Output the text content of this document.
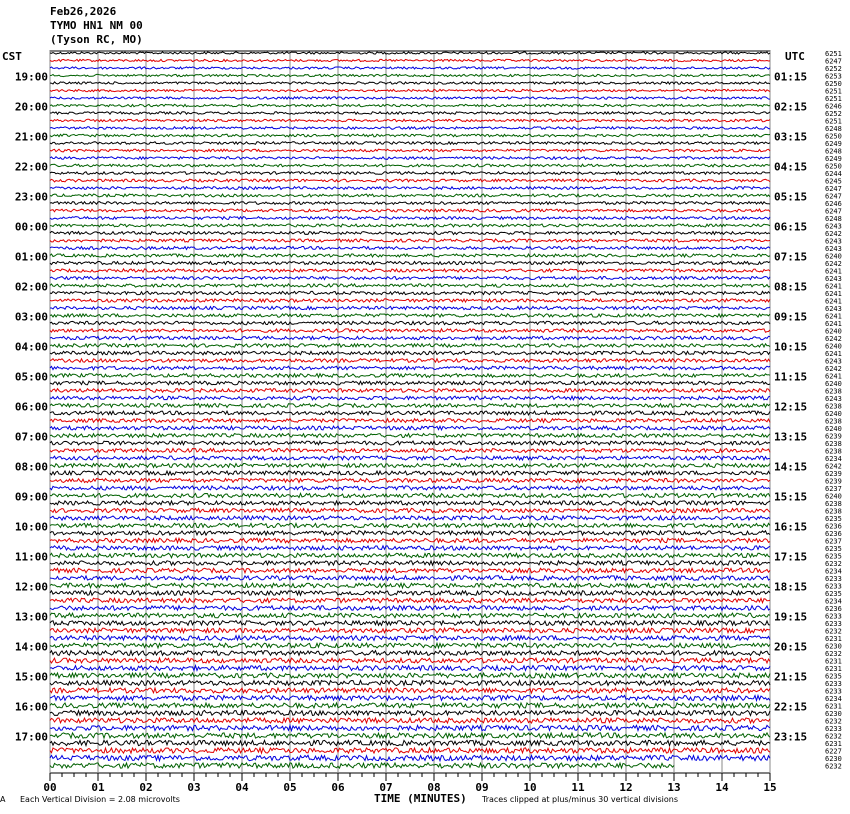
Feb26,2026
TYMO HN1 NM 00
(Tyson RC, MO)
CST	UTC
00	01	02	03	04	05	06	07	08	09	10	11	12	13	14	15
6251
6247
6252
6253
6250
6251
6251
6246
6252
6251
6248
6250
6249
6248
6249
6250
6244
6245
6247
6247
6246
6247
6248
6243
6242
6243
6243
6240
6242
6241
6243
6241
6241
6241
6243
6241
6241
6240
6242
6240
6241
6243
6242
6241
6240
6238
6243
6238
6240
6238
6240
6239
6238
6238
6234
6242
6239
6239
6237
6240
6238
6238
6235
6236
6236
6237
6235
6235
6232
6234
6233
6233
6235
6234
6236
6233
6233
6232
6231
6230
6232
6231
6231
6235
6233
6233
6234
6231
6230
6232
6233
6232
6231
6227
6230
6232
19:00	01:15
20:00	02:15
21:00	03:15
22:00	04:15
23:00	05:15
00:00	06:15
01:00	07:15
02:00	08:15
03:00	09:15
04:00	10:15
05:00	11:15
06:00	12:15
07:00	13:15
08:00	14:15
09:00	15:15
10:00	16:15
11:00	17:15
12:00	18:15
13:00	19:15
14:00	20:15
15:00	21:15
16:00	22:15
17:00	23:15
A Each Vertical Division = 2.08 microvolts	TIME (MINUTES) Traces clipped at plus/minus 30 vertical divisions
